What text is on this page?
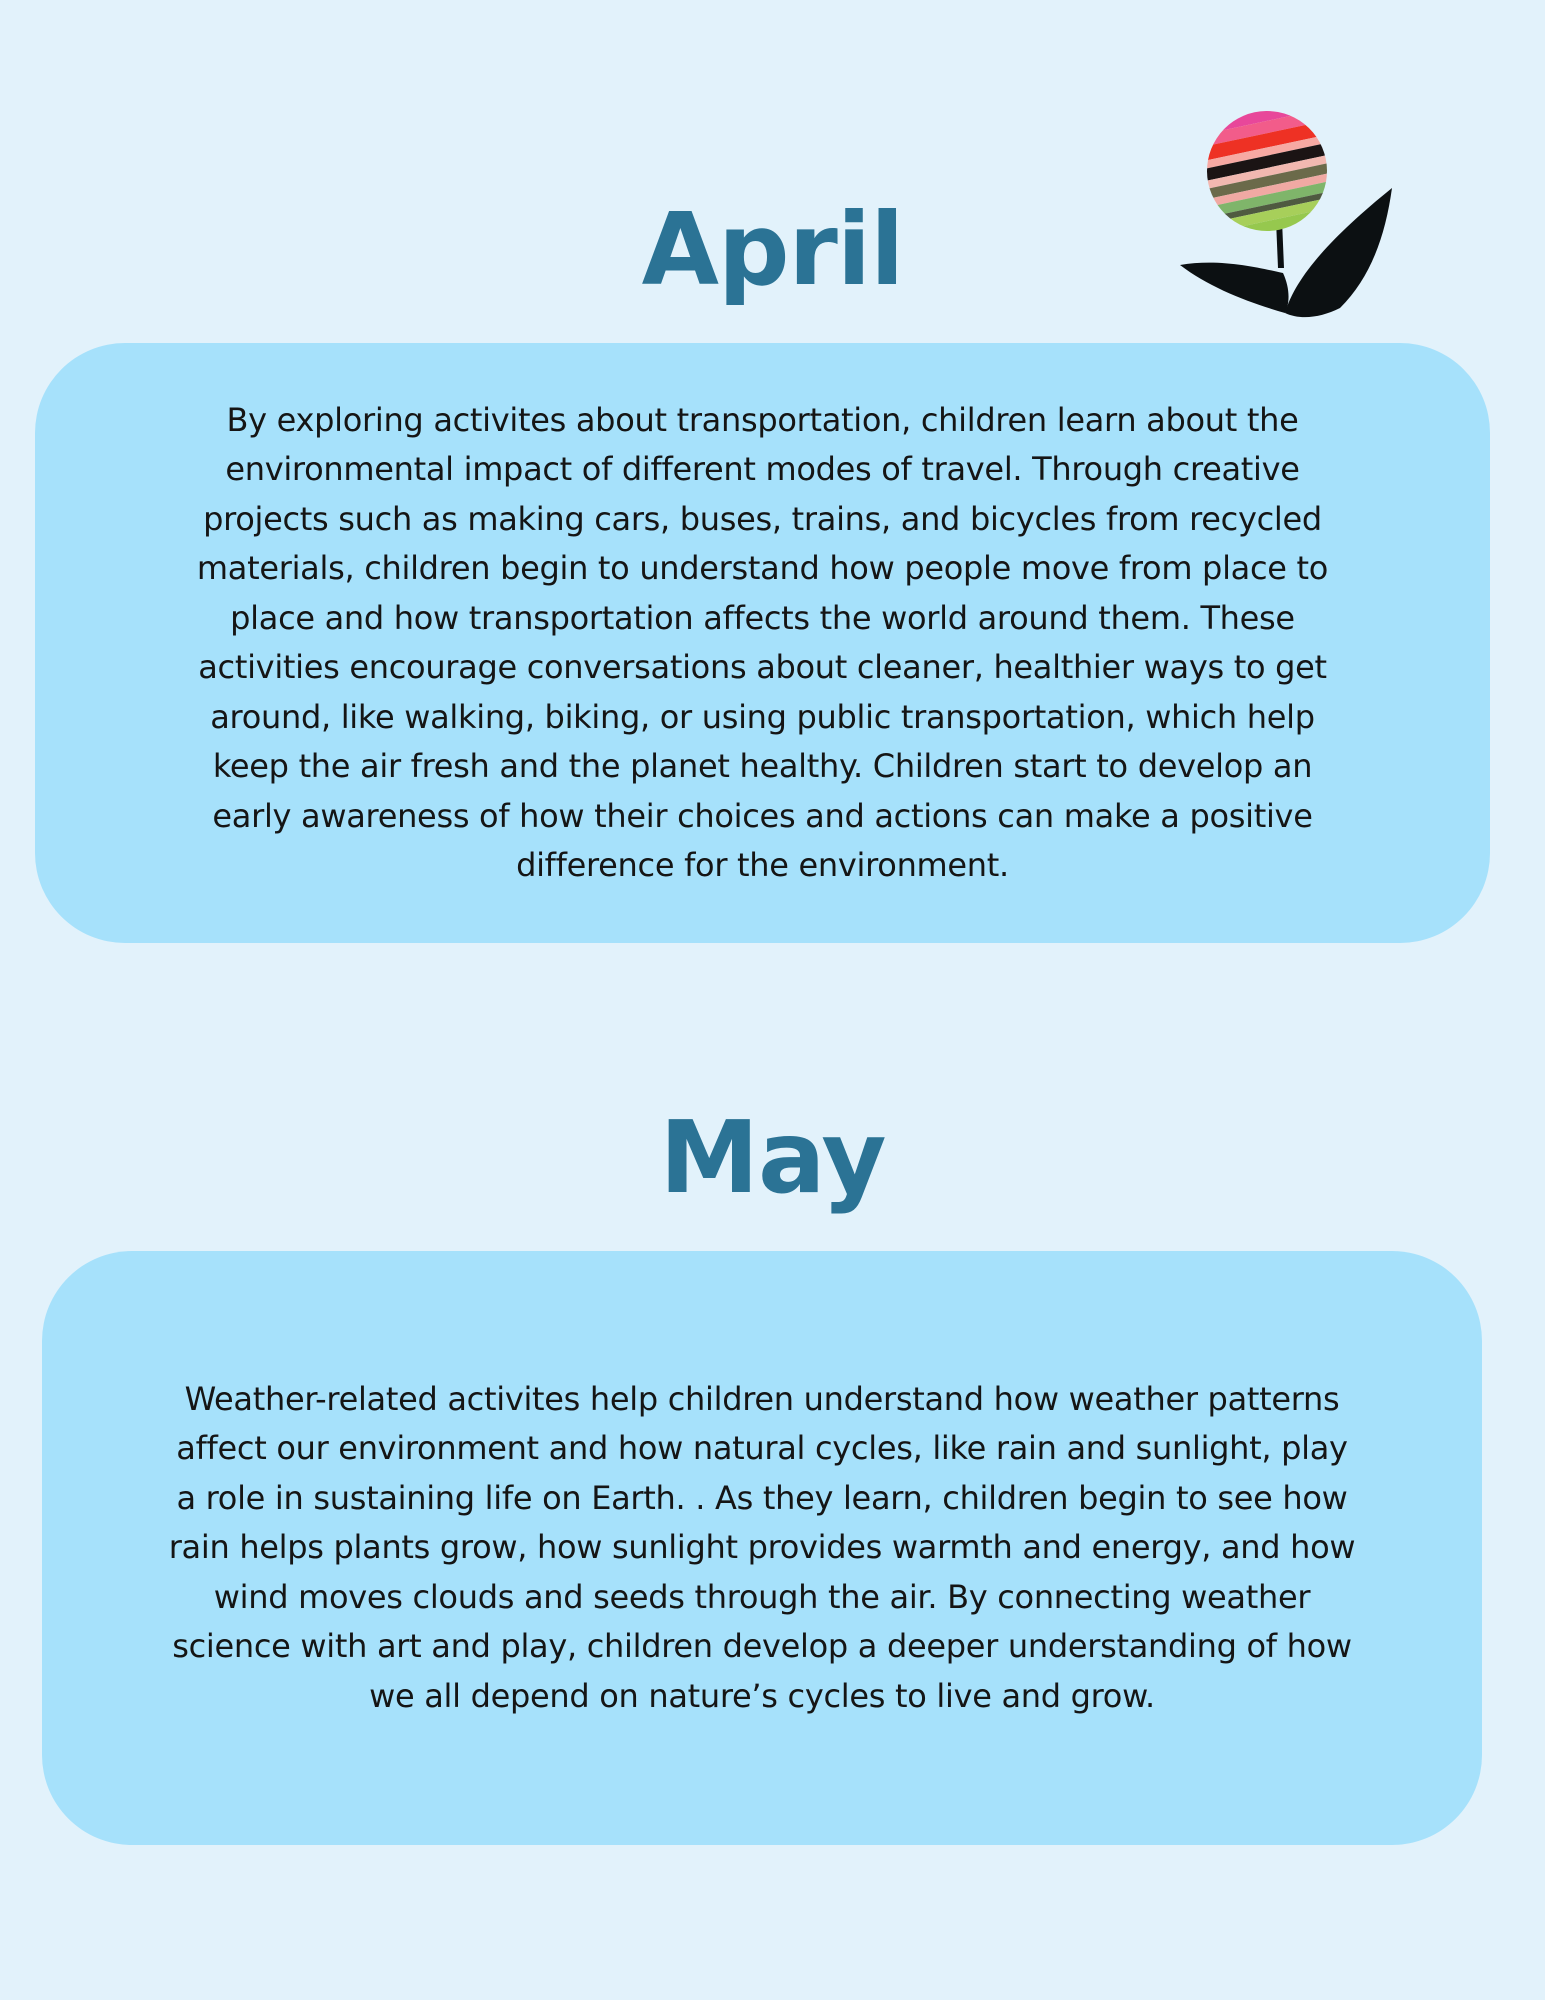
April

By exploring activites about transportation, children learn about the environmental impact of different modes of travel. Through creative projects such as making cars, buses, trains, and bicycles from recycled materials, children begin to understand how people move from place to place and how transportation affects the world around them. These activities encourage conversations about cleaner, healthier ways to get around, like walking, biking, or using public transportation, which help keep the air fresh and the planet healthy. Children start to develop an early awareness of how their choices and actions can make a positive difference for the environment.

May

Weather-related activites help children understand how weather patterns affect our environment and how natural cycles, like rain and sunlight, play a role in sustaining life on Earth. . As they learn, children begin to see how rain helps plants grow, how sunlight provides warmth and energy, and how wind moves clouds and seeds through the air. By connecting weather science with art and play, children develop a deeper understanding of how we all depend on nature’s cycles to live and grow.
